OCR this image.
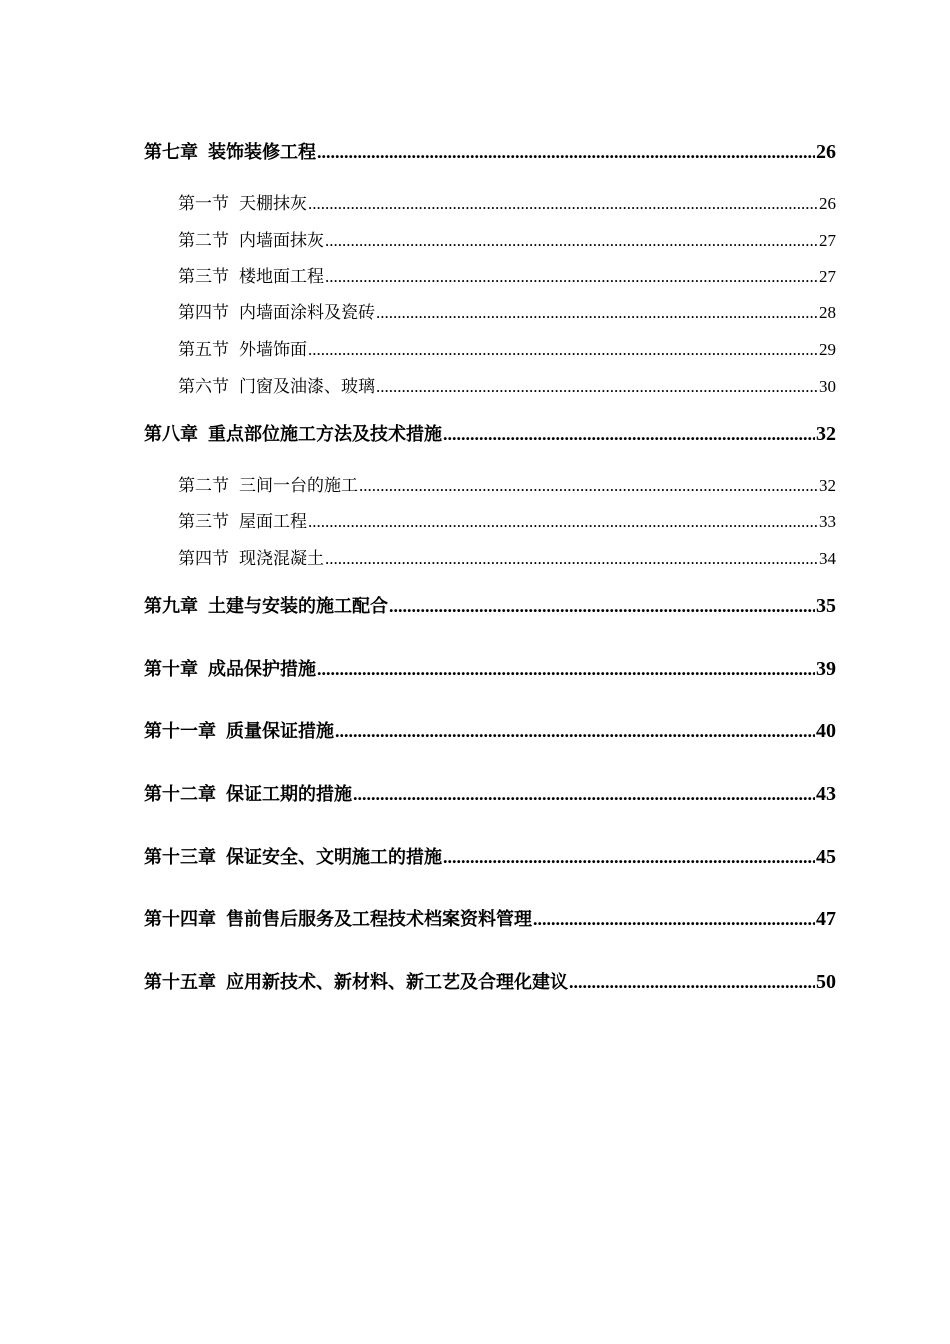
第七章 装饰装修工程 .....	26
第一节 天棚抹灰 .....	26
第二节 内墙面抹灰 .....	27
第三节 楼地面工程 .....	27
第四节 内墙面涂料及瓷砖 .....	28
第五节 外墙饰面 .....	29
第六节 门窗及油漆、玻璃 .....	30
第八章 重点部位施工方法及技术措施 .....	32
第二节 三间一台的施工 .....	32
第三节 屋面工程 .....	33
第四节 现浇混凝土 .....	34
第九章 土建与安装的施工配合 .....	35
第十章 成品保护措施 .....	39
第十一章 质量保证措施 .....	40
第十二章 保证工期的措施 .....	43
第十三章 保证安全、文明施工的措施 .....	45
第十四章 售前售后服务及工程技术档案资料管理 .....	47
第十五章 应用新技术、新材料、新工艺及合理化建议 .....	50
